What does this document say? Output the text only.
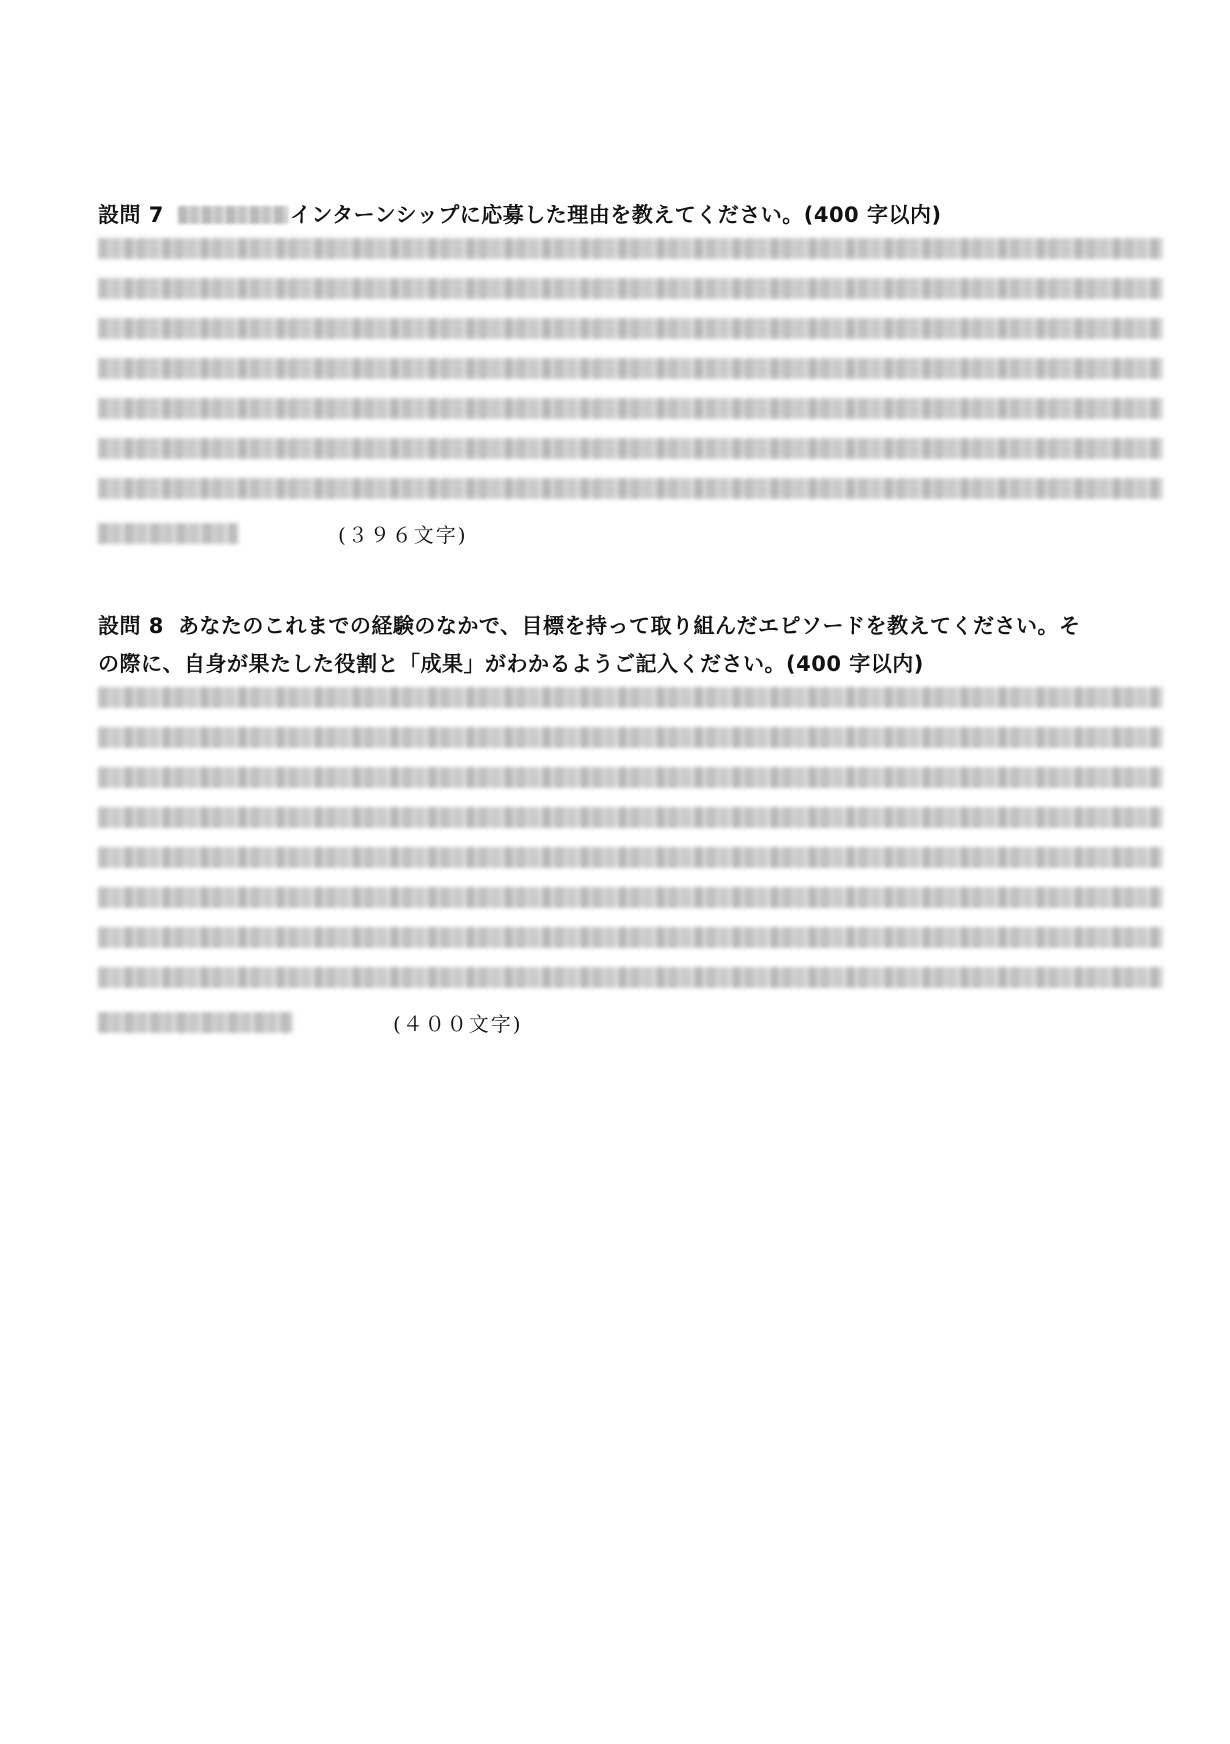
設問 7	インターンシップに応募した理由を教えてください。(400 字以内)
(３９６文字)
設問 8 あなたのこれまでの経験のなかで、目標を持って取り組んだエピソードを教えてください。そ
の際に、自身が果たした役割と「成果」がわかるようご記入ください。(400 字以内)
(４００文字)
